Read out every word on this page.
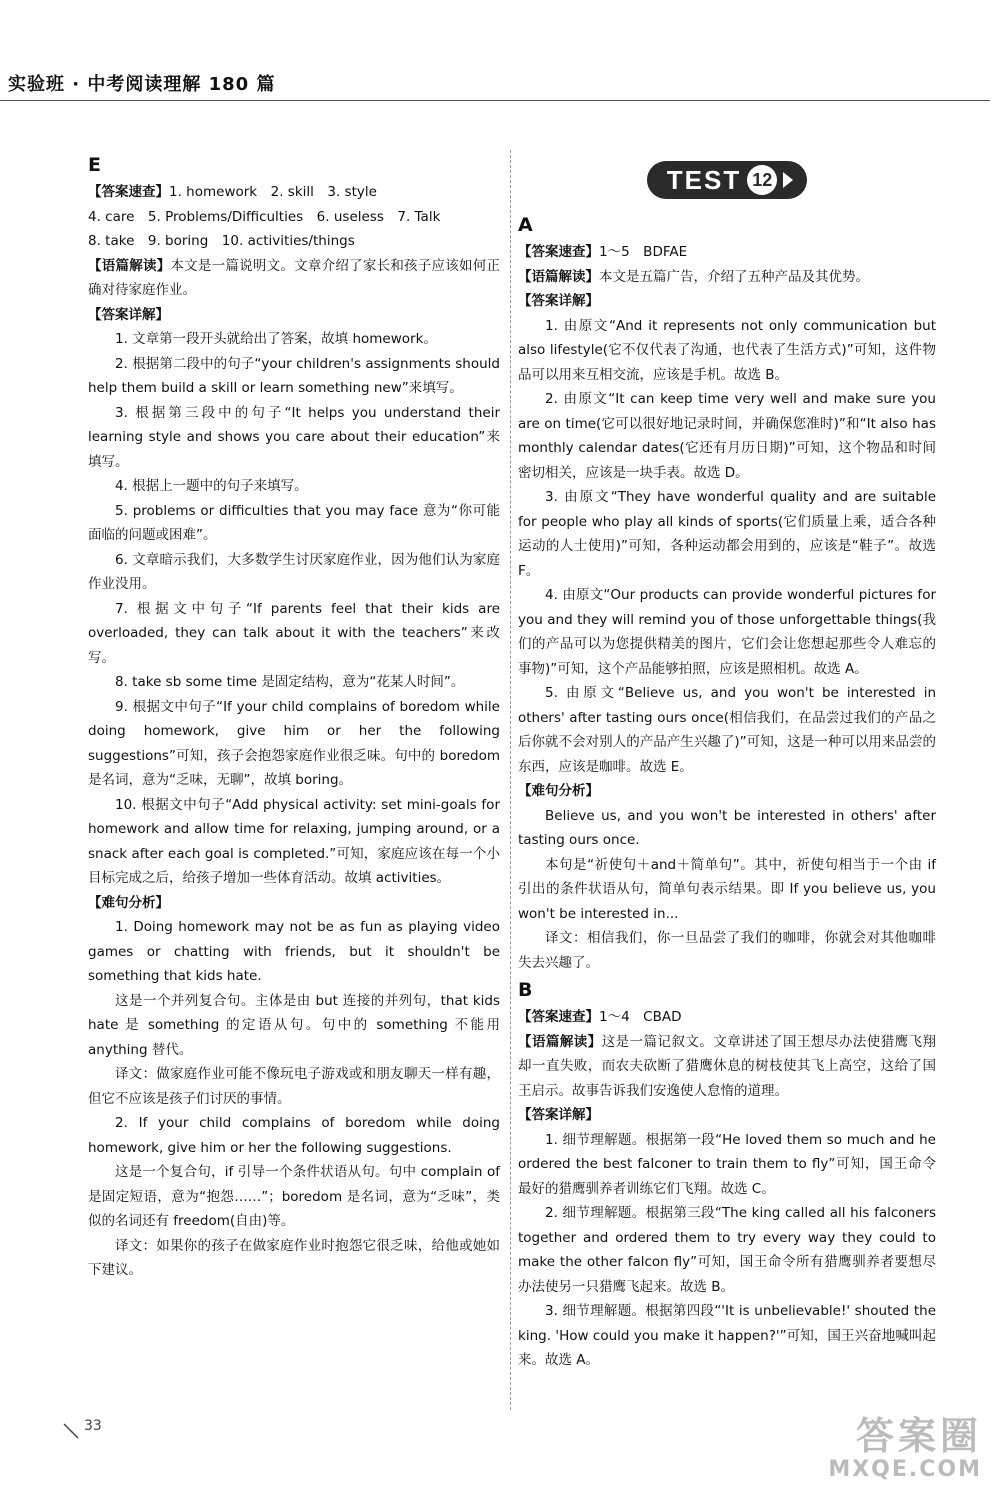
实验班 · 中考阅读理解 180 篇

E

【答案速查】1. homework　2. skill　3. style

4. care　5. Problems/Difficulties　6. useless　7. Talk

8. take　9. boring　10. activities/things

【语篇解读】本文是一篇说明文。文章介绍了家长和孩子应该如何正确对待家庭作业。

【答案详解】

1. 文章第一段开头就给出了答案，故填 homework。

2. 根据第二段中的句子“your children's assignments should help them build a skill or learn something new”来填写。

3. 根据第三段中的句子“It helps you understand their learning style and shows you care about their education”来填写。

4. 根据上一题中的句子来填写。

5. problems or difficulties that you may face 意为“你可能面临的问题或困难”。

6. 文章暗示我们，大多数学生讨厌家庭作业，因为他们认为家庭作业没用。

7. 根据文中句子“If parents feel that their kids are overloaded, they can talk about it with the teachers”来改写。

8. take sb some time 是固定结构，意为“花某人时间”。

9. 根据文中句子“If your child complains of boredom while doing homework, give him or her the following suggestions”可知，孩子会抱怨家庭作业很乏味。句中的 boredom 是名词，意为“乏味，无聊”，故填 boring。

10. 根据文中句子“Add physical activity: set mini-goals for homework and allow time for relaxing, jumping around, or a snack after each goal is completed.”可知，家庭应该在每一个小目标完成之后，给孩子增加一些体育活动。故填 activities。

【难句分析】

1. Doing homework may not be as fun as playing video games or chatting with friends, but it shouldn't be something that kids hate.

这是一个并列复合句。主体是由 but 连接的并列句，that kids hate 是 something 的定语从句。句中的 something 不能用 anything 替代。

译文：做家庭作业可能不像玩电子游戏或和朋友聊天一样有趣，但它不应该是孩子们讨厌的事情。

2. If your child complains of boredom while doing homework, give him or her the following suggestions.

这是一个复合句，if 引导一个条件状语从句。句中 complain of 是固定短语，意为“抱怨……”；boredom 是名词，意为“乏味”，类似的名词还有 freedom(自由)等。

译文：如果你的孩子在做家庭作业时抱怨它很乏味，给他或她如下建议。

TEST 12

A

【答案速查】1～5　BDFAE

【语篇解读】本文是五篇广告，介绍了五种产品及其优势。

【答案详解】

1. 由原文“And it represents not only communication but also lifestyle(它不仅代表了沟通，也代表了生活方式)”可知，这件物品可以用来互相交流，应该是手机。故选 B。

2. 由原文“It can keep time very well and make sure you are on time(它可以很好地记录时间，并确保您准时)”和“It also has monthly calendar dates(它还有月历日期)”可知，这个物品和时间密切相关，应该是一块手表。故选 D。

3. 由原文“They have wonderful quality and are suitable for people who play all kinds of sports(它们质量上乘，适合各种运动的人士使用)”可知，各种运动都会用到的，应该是“鞋子”。故选 F。

4. 由原文“Our products can provide wonderful pictures for you and they will remind you of those unforgettable things(我们的产品可以为您提供精美的图片，它们会让您想起那些令人难忘的事物)”可知，这个产品能够拍照，应该是照相机。故选 A。

5. 由原文“Believe us, and you won't be interested in others' after tasting ours once(相信我们，在品尝过我们的产品之后你就不会对别人的产品产生兴趣了)”可知，这是一种可以用来品尝的东西，应该是咖啡。故选 E。

【难句分析】

Believe us, and you won't be interested in others' after tasting ours once.

本句是“祈使句＋and＋简单句”。其中，祈使句相当于一个由 if 引出的条件状语从句，简单句表示结果。即 If you believe us, you won't be interested in...

译文：相信我们，你一旦品尝了我们的咖啡，你就会对其他咖啡失去兴趣了。

B

【答案速查】1～4　CBAD

【语篇解读】这是一篇记叙文。文章讲述了国王想尽办法使猎鹰飞翔却一直失败，而农夫砍断了猎鹰休息的树枝使其飞上高空，这给了国王启示。故事告诉我们安逸使人怠惰的道理。

【答案详解】

1. 细节理解题。根据第一段“He loved them so much and he ordered the best falconer to train them to fly”可知，国王命令最好的猎鹰驯养者训练它们飞翔。故选 C。

2. 细节理解题。根据第三段“The king called all his falconers together and ordered them to try every way they could to make the other falcon fly”可知，国王命令所有猎鹰驯养者要想尽办法使另一只猎鹰飞起来。故选 B。

3. 细节理解题。根据第四段“'It is unbelievable!' shouted the king. 'How could you make it happen?'”可知，国王兴奋地喊叫起来。故选 A。

33	答案圈
MXQE.COM
